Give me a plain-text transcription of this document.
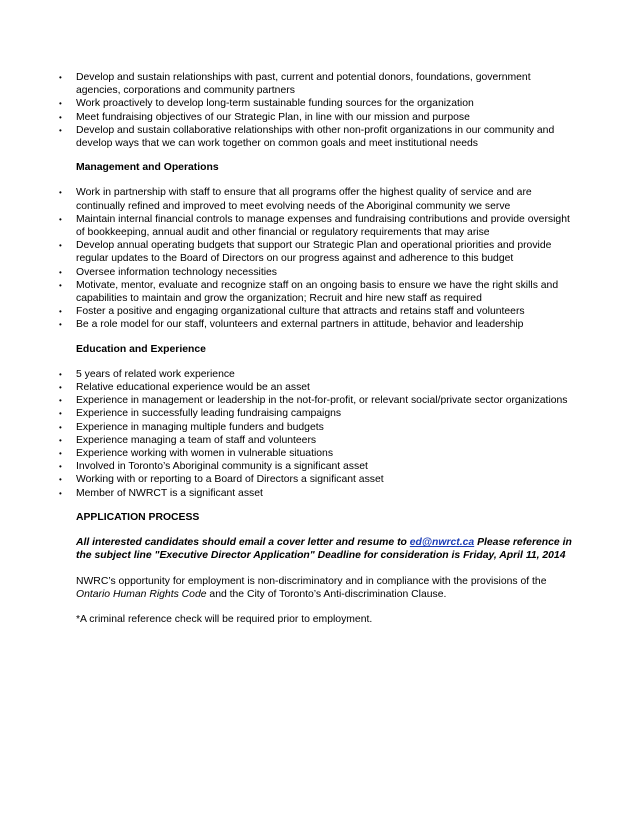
• Develop and sustain relationships with past, current and potential donors, foundations, government agencies, corporations and community partners
• Work proactively to develop long-term sustainable funding sources for the organization
• Meet fundraising objectives of our Strategic Plan, in line with our mission and purpose
• Develop and sustain collaborative relationships with other non-profit organizations in our community and develop ways that we can work together on common goals and meet institutional needs
Management and Operations
• Work in partnership with staff to ensure that all programs offer the highest quality of service and are continually refined and improved to meet evolving needs of the Aboriginal community we serve
• Maintain internal financial controls to manage expenses and fundraising contributions and provide oversight of bookkeeping, annual audit and other financial or regulatory requirements that may arise
• Develop annual operating budgets that support our Strategic Plan and operational priorities and provide regular updates to the Board of Directors on our progress against and adherence to this budget
• Oversee information technology necessities
• Motivate, mentor, evaluate and recognize staff on an ongoing basis to ensure we have the right skills and capabilities to maintain and grow the organization; Recruit and hire new staff as required
• Foster a positive and engaging organizational culture that attracts and retains staff and volunteers
• Be a role model for our staff, volunteers and external partners in attitude, behavior and leadership
Education and Experience
• 5 years of related work experience
• Relative educational experience would be an asset
• Experience in management or leadership in the not-for-profit, or relevant social/private sector organizations
• Experience in successfully leading fundraising campaigns
• Experience in managing multiple funders and budgets
• Experience managing a team of staff and volunteers
• Experience working with women in vulnerable situations
• Involved in Toronto’s Aboriginal community is a significant asset
• Working with or reporting to a Board of Directors a significant asset
• Member of NWRCT is a significant asset
APPLICATION PROCESS
All interested candidates should email a cover letter and resume to ed@nwrct.ca Please reference in the subject line "Executive Director Application" Deadline for consideration is Friday, April 11, 2014
NWRC’s opportunity for employment is non-discriminatory and in compliance with the provisions of the Ontario Human Rights Code and the City of Toronto’s Anti-discrimination Clause.
*A criminal reference check will be required prior to employment.
